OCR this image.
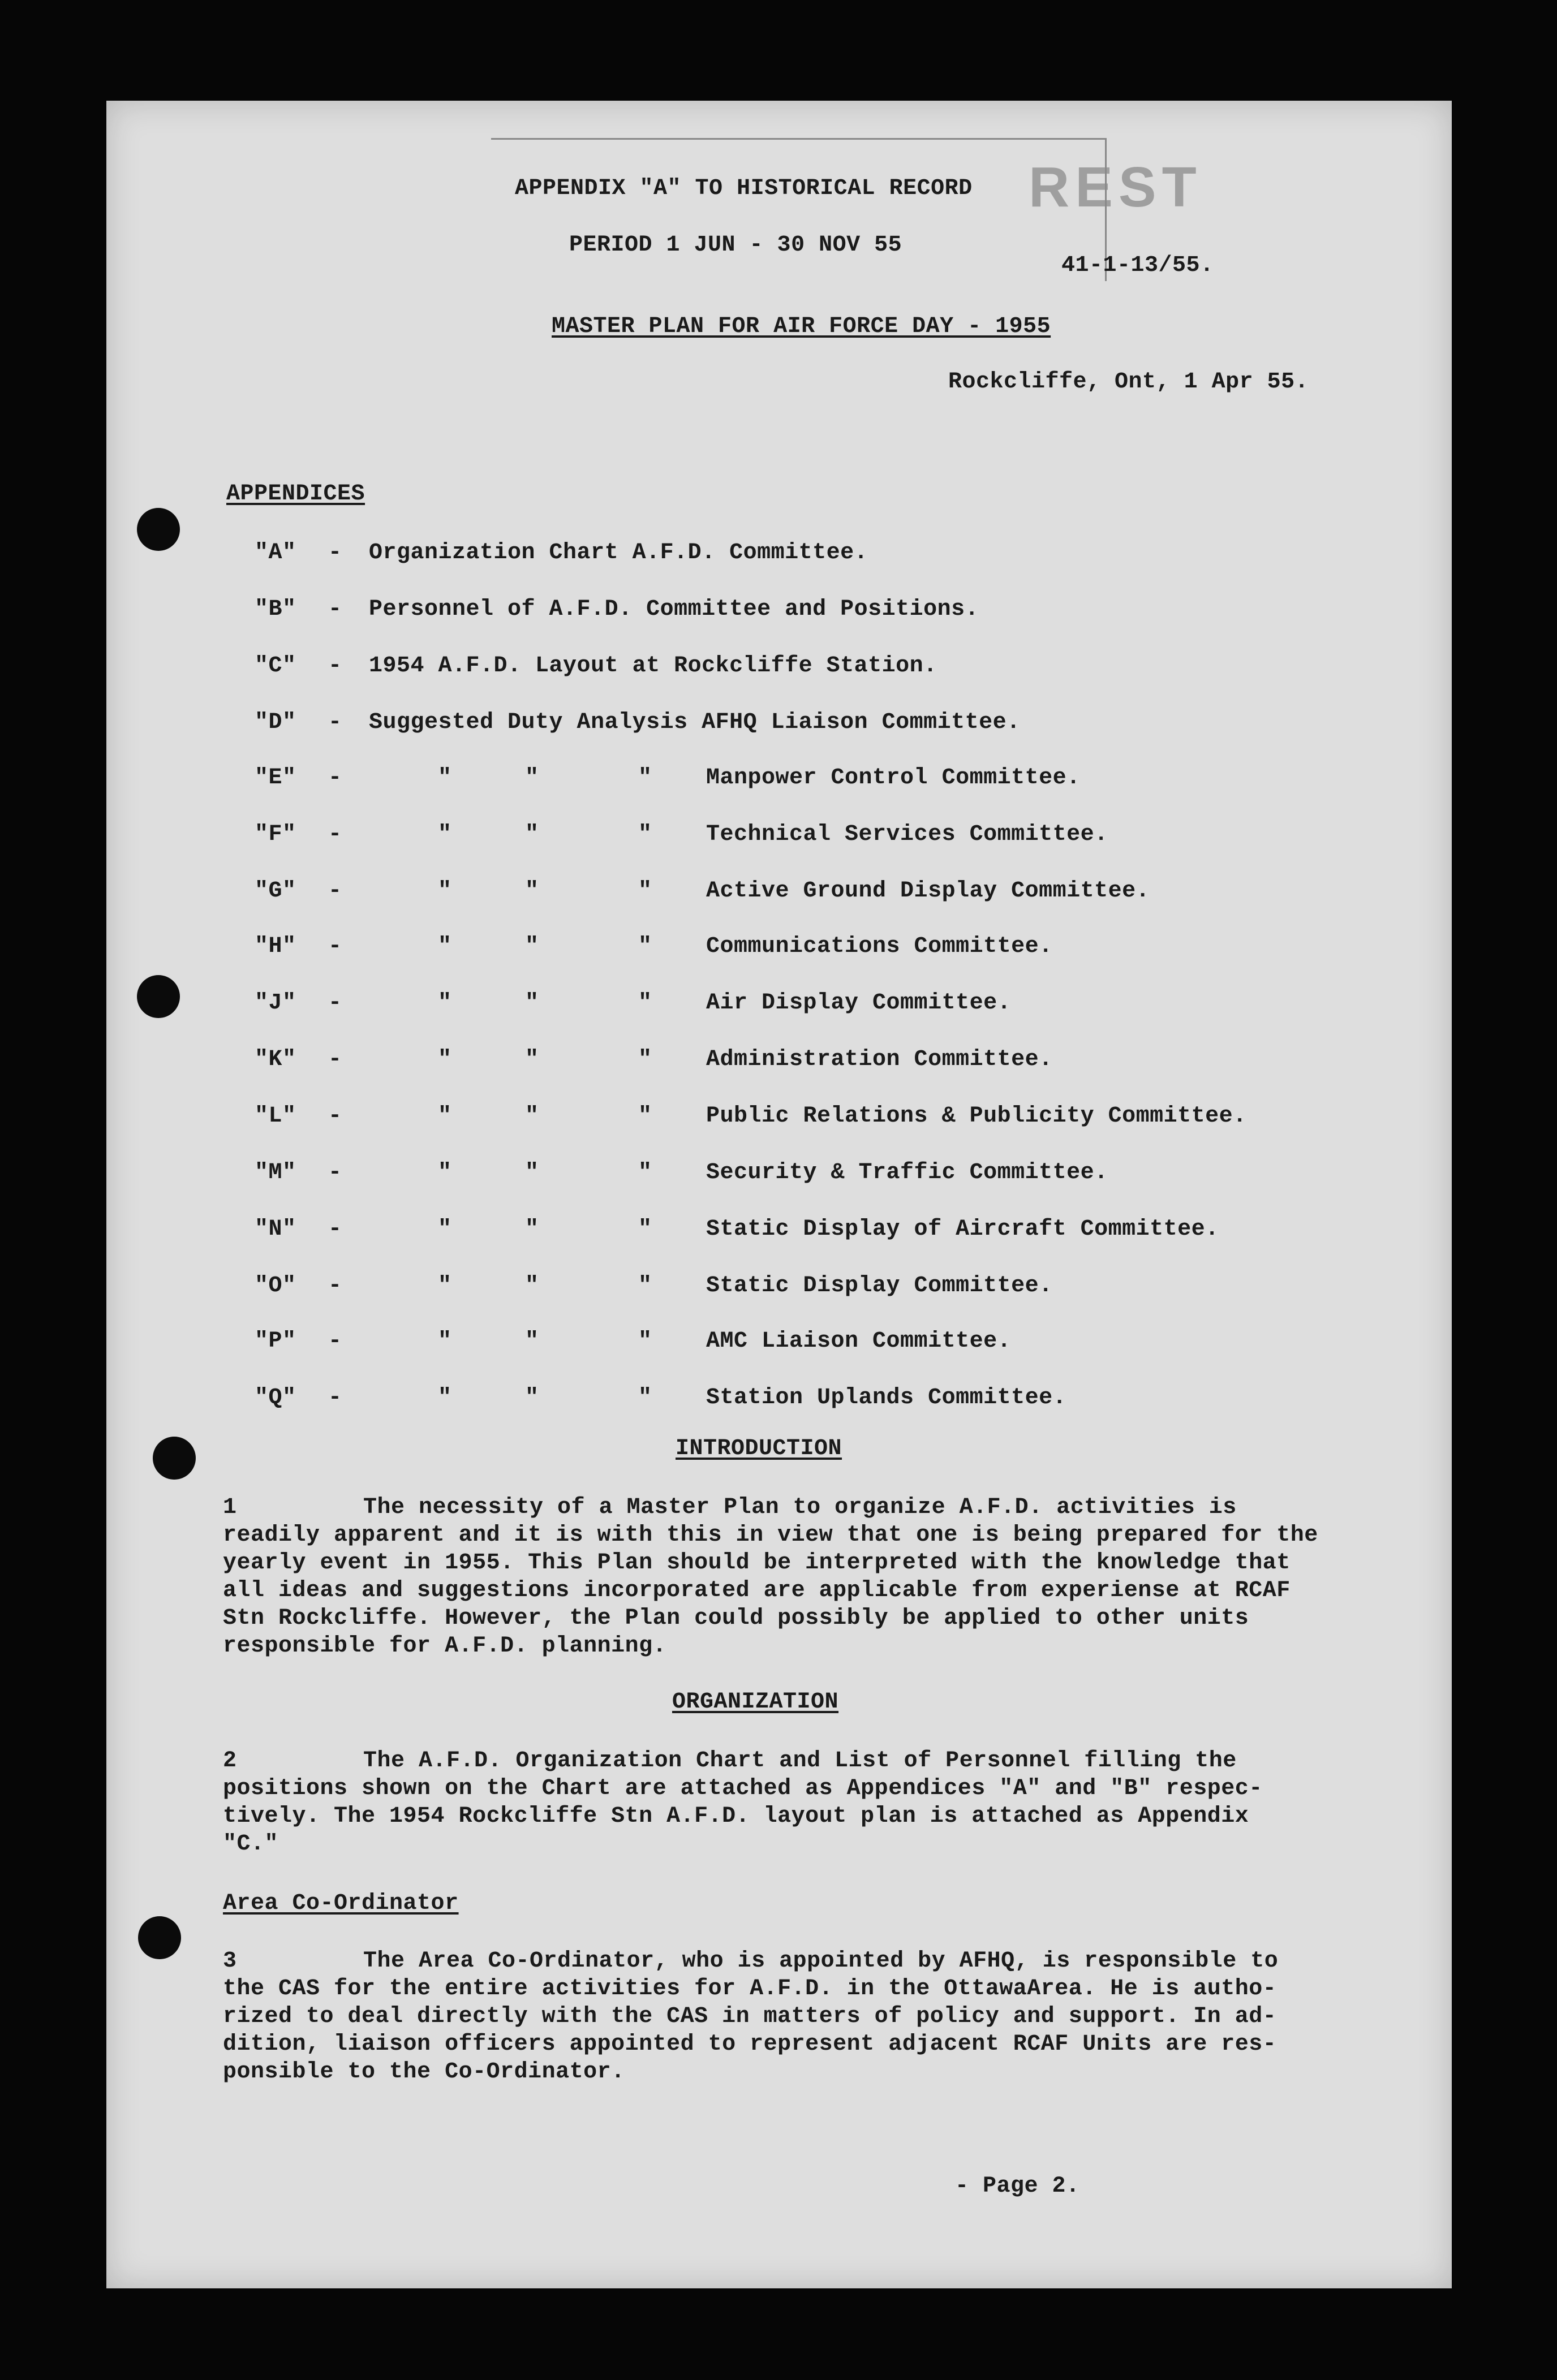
APPENDIX "A" TO HISTORICAL RECORD
PERIOD 1 JUN - 30 NOV 55
REST
41-1-13/55.
MASTER PLAN FOR AIR FORCE DAY - 1955
Rockcliffe, Ont, 1 Apr 55.
APPENDICES
"A" - Organization Chart A.F.D. Committee.
"B" - Personnel of A.F.D. Committee and Positions.
"C" - 1954 A.F.D. Layout at Rockcliffe Station.
"D" - Suggested Duty Analysis AFHQ Liaison Committee.
"E" -	"	"	" Manpower Control Committee.
"F" -	"	"	" Technical Services Committee.
"G" -	"	"	" Active Ground Display Committee.
"H" -	"	"	" Communications Committee.
"J" -	"	"	" Air Display Committee.
"K" -	"	"	" Administration Committee.
"L" -	"	"	" Public Relations & Publicity Committee.
"M" -	"	"	" Security & Traffic Committee.
"N" -	"	"	" Static Display of Aircraft Committee.
"O" -	"	"	" Static Display Committee.
"P" -	"	"	" AMC Liaison Committee.
"Q" -	"	"	" Station Uplands Committee.
INTRODUCTION
1	The necessity of a Master Plan to organize A.F.D. activities is
readily apparent and it is with this in view that one is being prepared for the
yearly event in 1955. This Plan should be interpreted with the knowledge that
all ideas and suggestions incorporated are applicable from experiense at RCAF
Stn Rockcliffe. However, the Plan could possibly be applied to other units
responsible for A.F.D. planning.
ORGANIZATION
2	The A.F.D. Organization Chart and List of Personnel filling the
positions shown on the Chart are attached as Appendices "A" and "B" respec-
tively. The 1954 Rockcliffe Stn A.F.D. layout plan is attached as Appendix
"C."
Area Co-Ordinator
3	The Area Co-Ordinator, who is appointed by AFHQ, is responsible to
the CAS for the entire activities for A.F.D. in the OttawaArea. He is autho-
rized to deal directly with the CAS in matters of policy and support. In ad-
dition, liaison officers appointed to represent adjacent RCAF Units are res-
ponsible to the Co-Ordinator.
- Page 2.
